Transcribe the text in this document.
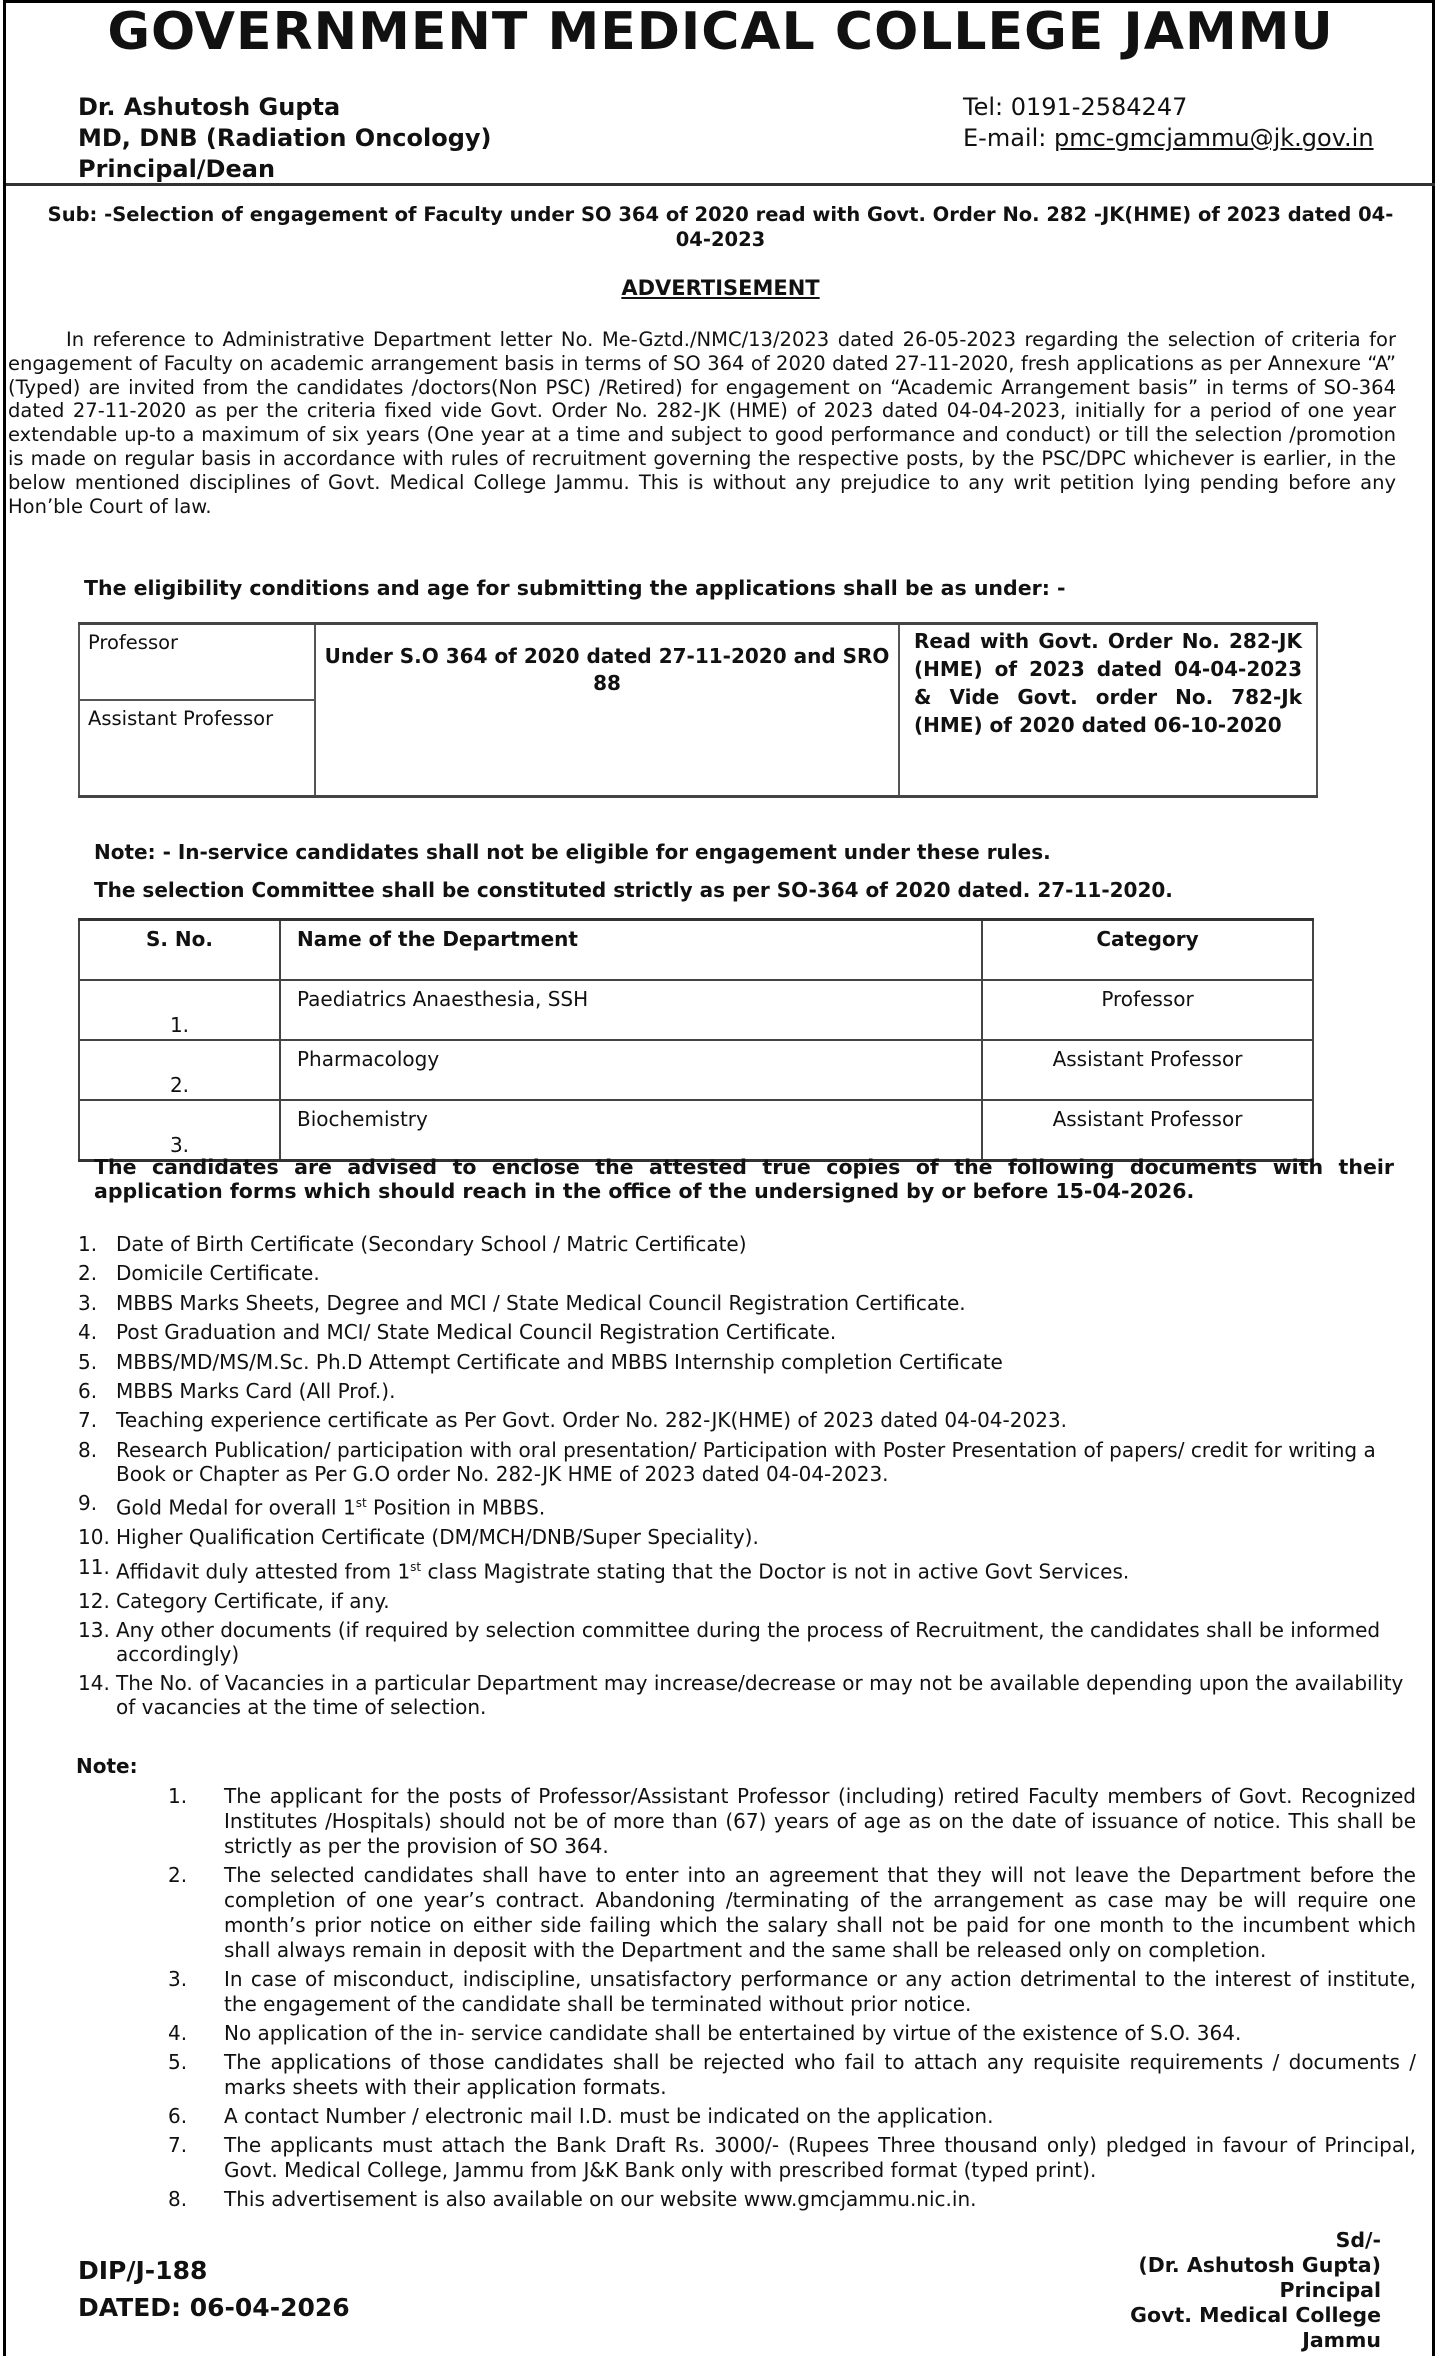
GOVERNMENT MEDICAL COLLEGE JAMMU
Dr. Ashutosh Gupta
MD, DNB (Radiation Oncology)
Principal/Dean
Tel: 0191-2584247
E-mail: pmc-gmcjammu@jk.gov.in
Sub: -Selection of engagement of Faculty under SO 364 of 2020 read with Govt. Order No. 282 -JK(HME) of 2023 dated 04-04-2023
ADVERTISEMENT
In reference to Administrative Department letter No. Me-Gztd./NMC/13/2023 dated 26-05-2023 regarding the selection of criteria for engagement of Faculty on academic arrangement basis in terms of SO 364 of 2020 dated 27-11-2020, fresh applications as per Annexure “A” (Typed) are invited from the candidates /doctors(Non PSC) /Retired) for engagement on “Academic Arrangement basis” in terms of SO-364 dated 27-11-2020 as per the criteria fixed vide Govt. Order No. 282-JK (HME) of 2023 dated 04-04-2023, initially for a period of one year extendable up-to a maximum of six years (One year at a time and subject to good performance and conduct) or till the selection /promotion is made on regular basis in accordance with rules of recruitment governing the respective posts, by the PSC/DPC whichever is earlier, in the below mentioned disciplines of Govt. Medical College Jammu. This is without any prejudice to any writ petition lying pending before any Hon’ble Court of law.
The eligibility conditions and age for submitting the applications shall be as under: -
Professor	Under S.O 364 of 2020 dated 27-11-2020 and SRO 88	Read with Govt. Order No. 282-JK (HME) of 2023 dated 04-04-2023 & Vide Govt. order No. 782-Jk (HME) of 2020 dated 06-10-2020
Assistant Professor
Note: - In-service candidates shall not be eligible for engagement under these rules.
The selection Committee shall be constituted strictly as per SO-364 of 2020 dated. 27-11-2020.
S. No.	Name of the Department	Category
1.	Paediatrics Anaesthesia, SSH	Professor
2.	Pharmacology	Assistant Professor
3.	Biochemistry	Assistant Professor
The candidates are advised to enclose the attested true copies of the following documents with their application forms which should reach in the office of the undersigned by or before 15-04-2026.
1. Date of Birth Certificate (Secondary School / Matric Certificate)
2. Domicile Certificate.
3. MBBS Marks Sheets, Degree and MCI / State Medical Council Registration Certificate.
4. Post Graduation and MCI/ State Medical Council Registration Certificate.
5. MBBS/MD/MS/M.Sc. Ph.D Attempt Certificate and MBBS Internship completion Certificate
6. MBBS Marks Card (All Prof.).
7. Teaching experience certificate as Per Govt. Order No. 282-JK(HME) of 2023 dated 04-04-2023.
8. Research Publication/ participation with oral presentation/ Participation with Poster Presentation of papers/ credit for writing a Book or Chapter as Per G.O order No. 282-JK HME of 2023 dated 04-04-2023.
9. Gold Medal for overall 1st Position in MBBS.
10. Higher Qualification Certificate (DM/MCH/DNB/Super Speciality).
11. Affidavit duly attested from 1st class Magistrate stating that the Doctor is not in active Govt Services.
12. Category Certificate, if any.
13. Any other documents (if required by selection committee during the process of Recruitment, the candidates shall be informed accordingly)
14. The No. of Vacancies in a particular Department may increase/decrease or may not be available depending upon the availability of vacancies at the time of selection.
Note:
1.	The applicant for the posts of Professor/Assistant Professor (including) retired Faculty members of Govt. Recognized Institutes /Hospitals) should not be of more than (67) years of age as on the date of issuance of notice. This shall be strictly as per the provision of SO 364.
2.	The selected candidates shall have to enter into an agreement that they will not leave the Department before the completion of one year’s contract. Abandoning /terminating of the arrangement as case may be will require one month’s prior notice on either side failing which the salary shall not be paid for one month to the incumbent which shall always remain in deposit with the Department and the same shall be released only on completion.
3.	In case of misconduct, indiscipline, unsatisfactory performance or any action detrimental to the interest of institute, the engagement of the candidate shall be terminated without prior notice.
4.	No application of the in- service candidate shall be entertained by virtue of the existence of S.O. 364.
5.	The applications of those candidates shall be rejected who fail to attach any requisite requirements / documents / marks sheets with their application formats.
6.	A contact Number / electronic mail I.D. must be indicated on the application.
7.	The applicants must attach the Bank Draft Rs. 3000/- (Rupees Three thousand only) pledged in favour of Principal, Govt. Medical College, Jammu from J&K Bank only with prescribed format (typed print).
8.	This advertisement is also available on our website www.gmcjammu.nic.in.
DIP/J-188
DATED: 06-04-2026
Sd/-
(Dr. Ashutosh Gupta)
Principal
Govt. Medical College
Jammu
